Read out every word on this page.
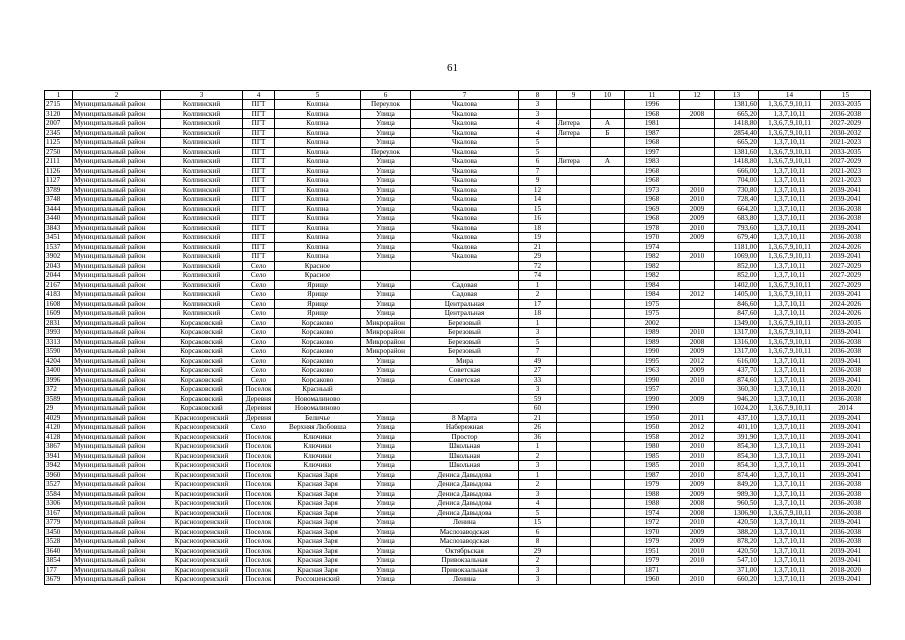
61
1	2	3	4	5	6	7	8	9	10	11	12	13	14	15
2715	Муниципальный район	Колпинский	ПГТ	Колпна	Переулок	Чкалова	3			1996		1381,60	1,3,6,7,9,10,11	2033-2035
3120	Муниципальный район	Колпинский	ПГТ	Колпна	Улица	Чкалова	3			1968	2008	665,20	1,3,7,10,11	2036-2038
2007	Муниципальный район	Колпинский	ПГТ	Колпна	Улица	Чкалова	4	Литера	А	1981		1418,80	1,3,6,7,9,10,11	2027-2029
2345	Муниципальный район	Колпинский	ПГТ	Колпна	Улица	Чкалова	4	Литера	Б	1987		2854,40	1,3,6,7,9,10,11	2030-2032
1125	Муниципальный район	Колпинский	ПГТ	Колпна	Улица	Чкалова	5			1968		665,20	1,3,7,10,11	2021-2023
2750	Муниципальный район	Колпинский	ПГТ	Колпна	Переулок	Чкалова	5			1997		1381,60	1,3,6,7,9,10,11	2033-2035
2111	Муниципальный район	Колпинский	ПГТ	Колпна	Улица	Чкалова	6	Литера	А	1983		1418,80	1,3,6,7,9,10,11	2027-2029
1126	Муниципальный район	Колпинский	ПГТ	Колпна	Улица	Чкалова	7			1968		666,00	1,3,7,10,11	2021-2023
1127	Муниципальный район	Колпинский	ПГТ	Колпна	Улица	Чкалова	9			1968		704,00	1,3,7,10,11	2021-2023
3789	Муниципальный район	Колпинский	ПГТ	Колпна	Улица	Чкалова	12			1973	2010	730,80	1,3,7,10,11	2039-2041
3748	Муниципальный район	Колпинский	ПГТ	Колпна	Улица	Чкалова	14			1968	2010	728,40	1,3,7,10,11	2039-2041
3444	Муниципальный район	Колпинский	ПГТ	Колпна	Улица	Чкалова	15			1969	2009	664,20	1,3,7,10,11	2036-2038
3440	Муниципальный район	Колпинский	ПГТ	Колпна	Улица	Чкалова	16			1968	2009	683,80	1,3,7,10,11	2036-2038
3843	Муниципальный район	Колпинский	ПГТ	Колпна	Улица	Чкалова	18			1978	2010	793,60	1,3,7,10,11	2039-2041
3451	Муниципальный район	Колпинский	ПГТ	Колпна	Улица	Чкалова	19			1970	2009	679,40	1,3,7,10,11	2036-2038
1537	Муниципальный район	Колпинский	ПГТ	Колпна	Улица	Чкалова	21			1974		1181,00	1,3,6,7,9,10,11	2024-2026
3902	Муниципальный район	Колпинский	ПГТ	Колпна	Улица	Чкалова	29			1982	2010	1069,00	1,3,6,7,9,10,11	2039-2041
2043	Муниципальный район	Колпинский	Село	Красное			72			1982		852,00	1,3,7,10,11	2027-2029
2044	Муниципальный район	Колпинский	Село	Красное			74			1982		852,00	1,3,7,10,11	2027-2029
2167	Муниципальный район	Колпинский	Село	Ярище	Улица	Садовая	1			1984		1402,00	1,3,6,7,9,10,11	2027-2029
4183	Муниципальный район	Колпинский	Село	Ярище	Улица	Садовая	2			1984	2012	1405,00	1,3,6,7,9,10,11	2039-2041
1608	Муниципальный район	Колпинский	Село	Ярище	Улица	Центральная	17			1975		846,60	1,3,7,10,11	2024-2026
1609	Муниципальный район	Колпинский	Село	Ярище	Улица	Центральная	18			1975		847,60	1,3,7,10,11	2024-2026
2831	Муниципальный район	Корсаковский	Село	Корсаково	Микрорайон	Березовый	1			2002		1349,00	1,3,6,7,9,10,11	2033-2035
3993	Муниципальный район	Корсаковский	Село	Корсаково	Микрорайон	Березовый	3			1989	2010	1317,00	1,3,6,7,9,10,11	2039-2041
3313	Муниципальный район	Корсаковский	Село	Корсаково	Микрорайон	Березовый	5			1989	2008	1316,00	1,3,6,7,9,10,11	2036-2038
3590	Муниципальный район	Корсаковский	Село	Корсаково	Микрорайон	Березовый	7			1990	2009	1317,00	1,3,6,7,9,10,11	2036-2038
4204	Муниципальный район	Корсаковский	Село	Корсаково	Улица	Мира	49			1995	2012	616,00	1,3,7,10,11	2039-2041
3400	Муниципальный район	Корсаковский	Село	Корсаково	Улица	Советская	27			1963	2009	437,70	1,3,7,10,11	2036-2038
3996	Муниципальный район	Корсаковский	Село	Корсаково	Улица	Советская	33			1990	2010	874,60	1,3,7,10,11	2039-2041
372	Муниципальный район	Корсаковский	Поселок	Красньый			3			1957		360,30	1,3,7,10,11	2018-2020
3589	Муниципальный район	Корсаковский	Деревня	Новомалиново			59			1990	2009	946,20	1,3,7,10,11	2036-2038
29	Муниципальный район	Корсаковский	Деревня	Новомалиново			60			1990		1024,20	1,3,6,7,9,10,11	2014
4029	Муниципальный район	Краснозоренский	Деревня	Беличье	Улица	8 Марта	21			1950	2011	437,10	1,3,7,10,11	2039-2041
4120	Муниципальный район	Краснозоренский	Село	Верхняя Любовша	Улица	Набережная	26			1950	2012	401,10	1,3,7,10,11	2039-2041
4128	Муниципальный район	Краснозоренский	Поселок	Ключики	Улица	Простор	36			1958	2012	391,90	1,3,7,10,11	2039-2041
3867	Муниципальный район	Краснозоренский	Поселок	Ключики	Улица	Школьная	1			1980	2010	854,30	1,3,7,10,11	2039-2041
3941	Муниципальный район	Краснозоренский	Поселок	Ключики	Улица	Школьная	2			1985	2010	854,30	1,3,7,10,11	2039-2041
3942	Муниципальный район	Краснозоренский	Поселок	Ключики	Улица	Школьная	3			1985	2010	854,30	1,3,7,10,11	2039-2041
3960	Муниципальный район	Краснозоренский	Поселок	Красная Заря	Улица	Дениса Давыдова	1			1987	2010	874,40	1,3,7,10,11	2039-2041
3527	Муниципальный район	Краснозоренский	Поселок	Красная Заря	Улица	Дениса Давыдова	2			1979	2009	849,20	1,3,7,10,11	2036-2038
3584	Муниципальный район	Краснозоренский	Поселок	Красная Заря	Улица	Дениса Давыдова	3			1988	2009	989,30	1,3,7,10,11	2036-2038
3306	Муниципальный район	Краснозоренский	Поселок	Красная Заря	Улица	Дениса Давыдова	4			1988	2008	960,50	1,3,7,10,11	2036-2038
3167	Муниципальный район	Краснозоренский	Поселок	Красная Заря	Улица	Дениса Давыдова	5			1974	2008	1306,90	1,3,6,7,9,10,11	2036-2038
3779	Муниципальный район	Краснозоренский	Поселок	Красная Заря	Улица	Ленина	15			1972	2010	420,50	1,3,7,10,11	2039-2041
3450	Муниципальный район	Краснозоренский	Поселок	Красная Заря	Улица	Маслозаводская	6			1970	2009	388,20	1,3,7,10,11	2036-2038
3528	Муниципальный район	Краснозоренский	Поселок	Красная Заря	Улица	Маслозаводская	8			1979	2009	878,20	1,3,7,10,11	2036-2038
3640	Муниципальный район	Краснозоренский	Поселок	Красная Заря	Улица	Октябрьская	29			1951	2010	420,50	1,3,7,10,11	2039-2041
3854	Муниципальный район	Краснозоренский	Поселок	Красная Заря	Улица	Привокзальная	2			1979	2010	547,10	1,3,7,10,11	2039-2041
177	Муниципальный район	Краснозоренский	Поселок	Красная Заря	Улица	Привокзальная	3			1871		371,00	1,3,7,10,11	2018-2020
3679	Муниципальный район	Краснозоренский	Поселок	Россошенский	Улица	Ленина	3			1960	2010	660,20	1,3,7,10,11	2039-2041
